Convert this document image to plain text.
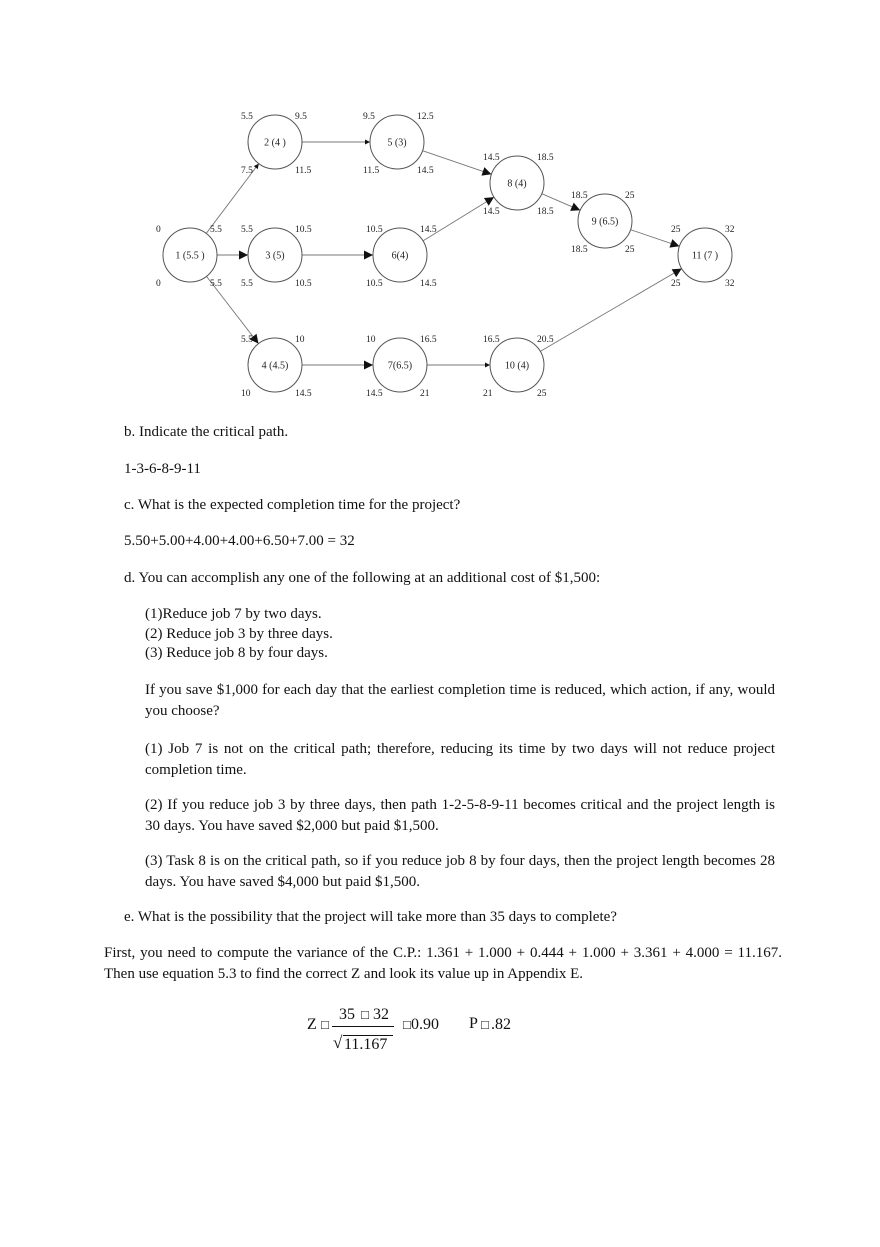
1 (5.5 )
0	5.5
0	5.5
2 (4 )
5.5	9.5
7.5	11.5
3 (5)
5.5	10.5
5.5	10.5
4 (4.5)
5.5	10
10	14.5
5 (3)
9.5	12.5
11.5	14.5
6(4)
10.5	14.5
10.5	14.5
7(6.5)
10	16.5
14.5	21
8 (4)
14.5	18.5
14.5	18.5
9 (6.5)
18.5	25
18.5	25
10 (4)
16.5	20.5
21	25
11 (7 )
25	32
25	32
b. Indicate the critical path.
1-3-6-8-9-11
c. What is the expected completion time for the project?
5.50+5.00+4.00+4.00+6.50+7.00 = 32
d. You can accomplish any one of the following at an additional cost of $1,500:
(1)Reduce job 7 by two days.
(2) Reduce job 3 by three days.
(3) Reduce job 8 by four days.
If you save $1,000 for each day that the earliest completion time is reduced, which action, if any, would you choose?
(1) Job 7 is not on the critical path; therefore, reducing its time by two days will not reduce project completion time.
(2) If you reduce job 3 by three days, then path 1-2-5-8-9-11 becomes critical and the project length is 30 days. You have saved $2,000 but paid $1,500.
(3) Task 8 is on the critical path, so if you reduce job 8 by four days, then the project length becomes 28 days. You have saved $4,000 but paid $1,500.
e. What is the possibility that the project will take more than 35 days to complete?
First, you need to compute the variance of the C.P.: 1.361 + 1.000 + 0.444 + 1.000 + 3.361 + 4.000 = 11.167. Then use equation 5.3 to find the correct Z and look its value up in Appendix E.
Z □
35 □ 32
√ 11.167
□ 0.90 P □ .82
